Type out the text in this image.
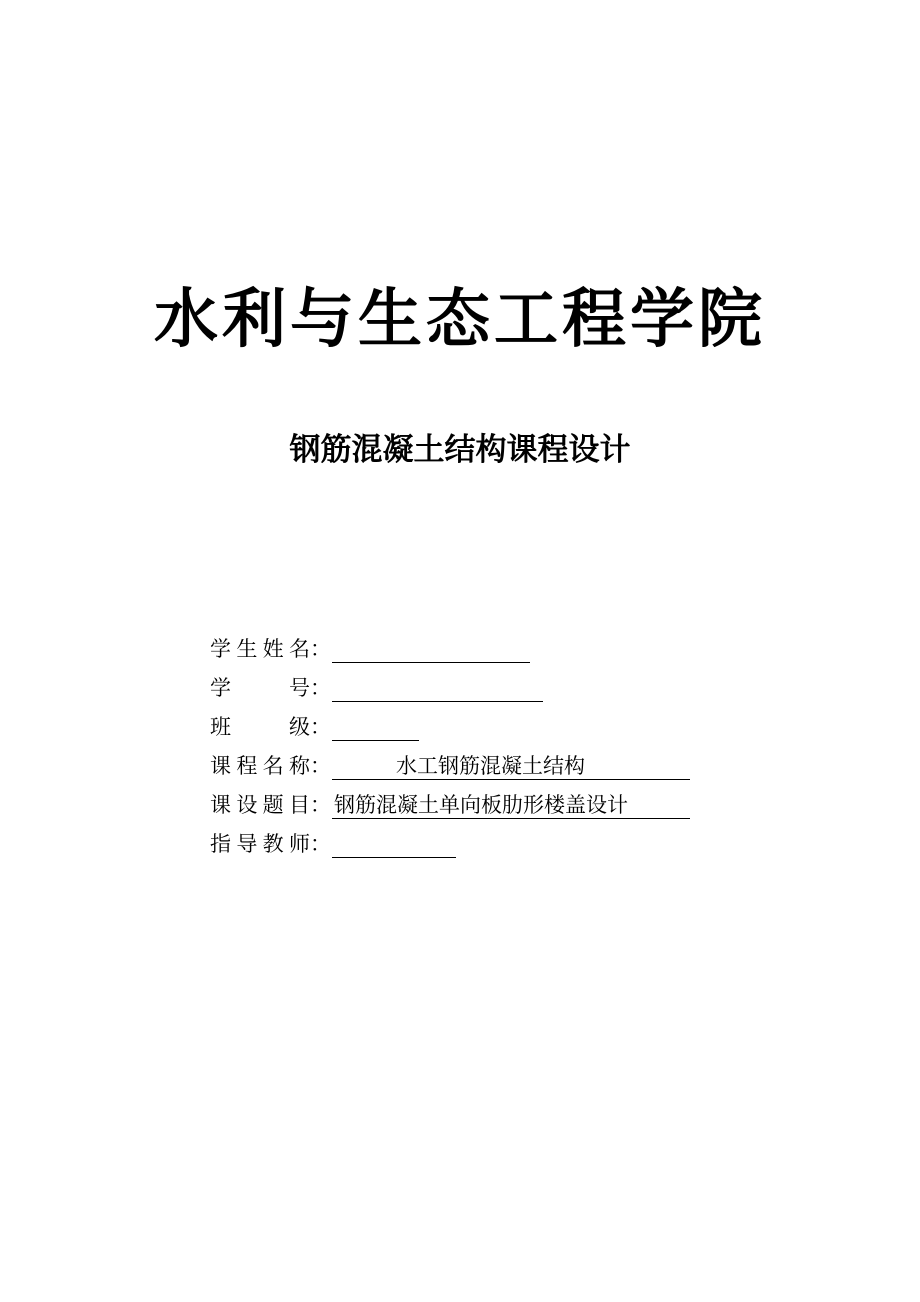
水利与生态工程学院
钢筋混凝土结构课程设计
学生姓名 ：
学	号 ：
班	级 ：
课程名称 ：	水工钢筋混凝土结构
课设题目 ： 钢筋混凝土单向板肋形楼盖设计
指导教师 ：
